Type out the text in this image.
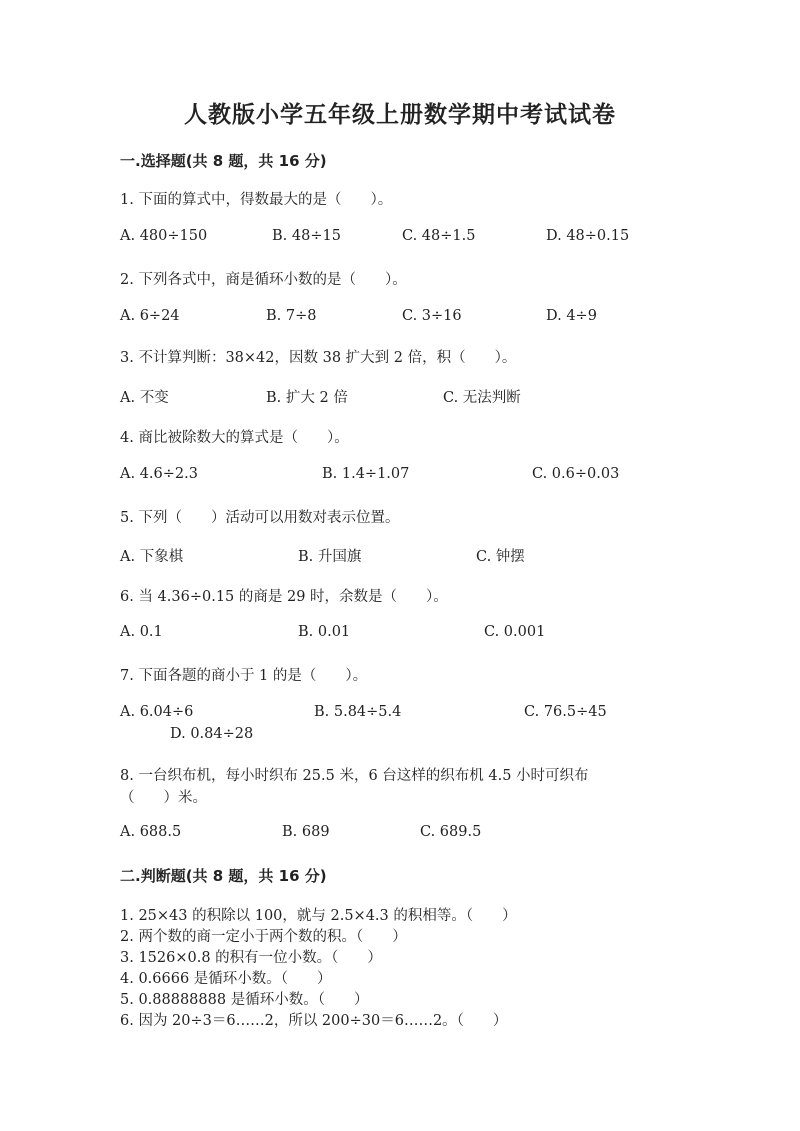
人教版小学五年级上册数学期中考试试卷
一.选择题(共 8 题，共 16 分)
1. 下面的算式中，得数最大的是（　　）。
A. 480÷150	B. 48÷15	C. 48÷1.5	D. 48÷0.15
2. 下列各式中，商是循环小数的是（　　）。
A. 6÷24	B. 7÷8	C. 3÷16	D. 4÷9
3. 不计算判断：38×42，因数 38 扩大到 2 倍，积（　　）。
A. 不变	B. 扩大 2 倍	C. 无法判断
4. 商比被除数大的算式是（　　）。
A. 4.6÷2.3	B. 1.4÷1.07	C. 0.6÷0.03
5. 下列（　　）活动可以用数对表示位置。
A. 下象棋	B. 升国旗	C. 钟摆
6. 当 4.36÷0.15 的商是 29 时，余数是（　　）。
A. 0.1	B. 0.01	C. 0.001
7. 下面各题的商小于 1 的是（　　）。
A. 6.04÷6	B. 5.84÷5.4	C. 76.5÷45
D. 0.84÷28
8. 一台织布机，每小时织布 25.5 米，6 台这样的织布机 4.5 小时可织布
（　　）米。
A. 688.5	B. 689	C. 689.5
二.判断题(共 8 题，共 16 分)
1. 25×43 的积除以 100，就与 2.5×4.3 的积相等。（　　）
2. 两个数的商一定小于两个数的积。（　　）
3. 1526×0.8 的积有一位小数。（　　）
4. 0.6666 是循环小数。（　　）
5. 0.88888888 是循环小数。（　　）
6. 因为 20÷3＝6……2，所以 200÷30＝6……2。（　　）
